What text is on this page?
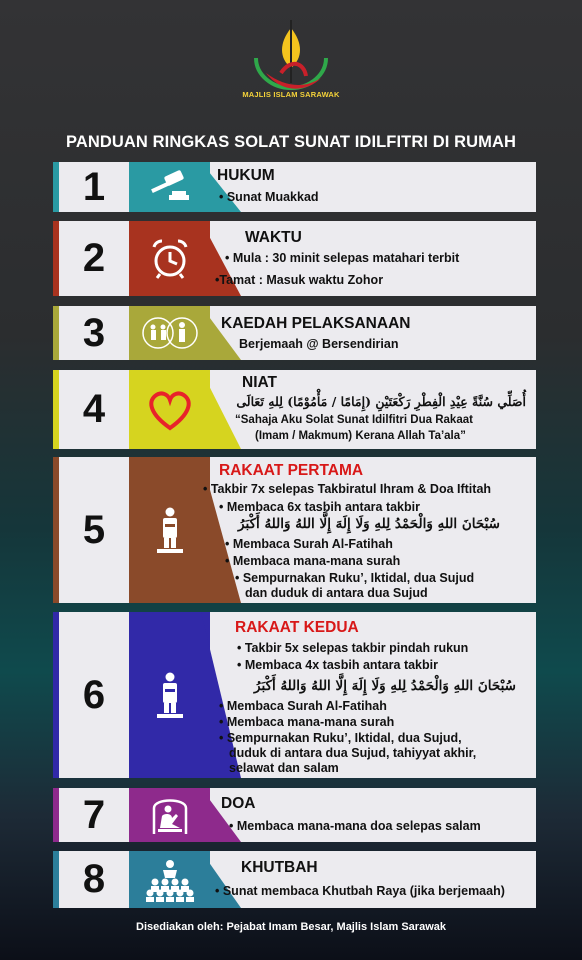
MAJLIS ISLAM SARAWAK
PANDUAN RINGKAS SOLAT SUNAT IDILFITRI DI RUMAH
1	HUKUM
• Sunat Muakkad
2	WAKTU
• Mula : 30 minit selepas matahari terbit
•Tamat : Masuk waktu Zohor
3	KAEDAH PELAKSANAAN
Berjemaah @ Bersendirian
4
NIAT
أُصَلِّي سُنَّةً عِيْدِ الْفِطْرِ رَكْعَتَيْنِ (إِمَامًا / مَأْمُوْمًا) لِلهِ تَعَالَى
“Sahaja Aku Solat Sunat Idilfitri Dua Rakaat
(Imam / Makmum) Kerana Allah Ta’ala”
5
RAKAAT PERTAMA
• Takbir 7x selepas Takbiratul Ihram & Doa Iftitah
• Membaca 6x tasbih antara takbir
سُبْحَانَ اللهِ وَالْحَمْدُ لِلهِ وَلَا إِلَهَ إِلَّا اللهُ وَاللهُ أَكْبَرُ
• Membaca Surah Al-Fatihah
• Membaca mana-mana surah
• Sempurnakan Ruku’, Iktidal, dua Sujud
dan duduk di antara dua Sujud
6
RAKAAT KEDUA
• Takbir 5x selepas takbir pindah rukun
• Membaca 4x tasbih antara takbir
سُبْحَانَ اللهِ وَالْحَمْدُ لِلهِ وَلَا إِلَهَ إِلَّا اللهُ وَاللهُ أَكْبَرُ
• Membaca Surah Al-Fatihah
• Membaca mana-mana surah
• Sempurnakan Ruku’, Iktidal, dua Sujud,
duduk di antara dua Sujud, tahiyyat akhir,
selawat dan salam
7	DOA
• Membaca mana-mana doa selepas salam
8	KHUTBAH
• Sunat membaca Khutbah Raya (jika berjemaah)
Disediakan oleh: Pejabat Imam Besar, Majlis Islam Sarawak
